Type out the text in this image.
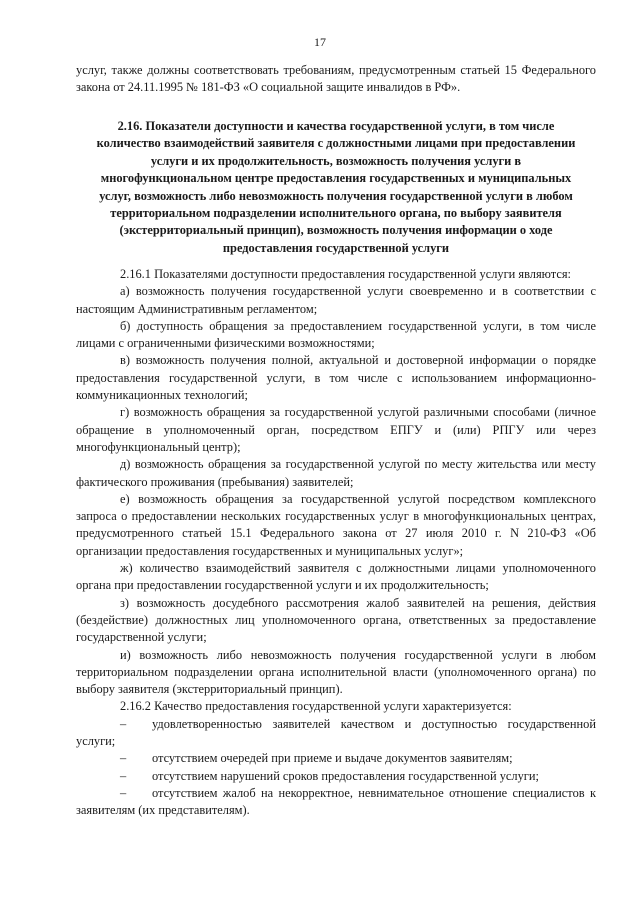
17

услуг, также должны соответствовать требованиям, предусмотренным статьей 15 Федерального закона от 24.11.1995 № 181-ФЗ «О социальной защите инвалидов в РФ».

2.16. Показатели доступности и качества государственной услуги, в том числе
количество взаимодействий заявителя с должностными лицами при предоставлении
услуги и их продолжительность, возможность получения услуги в
многофункциональном центре предоставления государственных и муниципальных
услуг, возможность либо невозможность получения государственной услуги в любом
территориальном подразделении исполнительного органа, по выбору заявителя
(экстерриториальный принцип), возможность получения информации о ходе
предоставления государственной услуги

2.16.1 Показателями доступности предоставления государственной услуги являются:

а) возможность получения государственной услуги своевременно и в соответствии с настоящим Административным регламентом;

б) доступность обращения за предоставлением государственной услуги, в том числе лицами с ограниченными физическими возможностями;

в) возможность получения полной, актуальной и достоверной информации о порядке предоставления государственной услуги, в том числе с использованием информационно-коммуникационных технологий;

г) возможность обращения за государственной услугой различными способами (личное обращение в уполномоченный орган, посредством ЕПГУ и (или) РПГУ или через многофункциональный центр);

д) возможность обращения за государственной услугой по месту жительства или месту фактического проживания (пребывания) заявителей;

е) возможность обращения за государственной услугой посредством комплексного запроса о предоставлении нескольких государственных услуг в многофункциональных центрах, предусмотренного статьей 15.1 Федерального закона от 27 июля 2010 г. N 210-ФЗ «Об организации предоставления государственных и муниципальных услуг»;

ж) количество взаимодействий заявителя с должностными лицами уполномоченного органа при предоставлении государственной услуги и их продолжительность;

з) возможность досудебного рассмотрения жалоб заявителей на решения, действия (бездействие) должностных лиц уполномоченного органа, ответственных за предоставление государственной услуги;

и) возможность либо невозможность получения государственной услуги в любом территориальном подразделении органа исполнительной власти (уполномоченного органа) по выбору заявителя (экстерриториальный принцип).

2.16.2 Качество предоставления государственной услуги характеризуется:

– удовлетворенностью заявителей качеством и доступностью государственной услуги;

– отсутствием очередей при приеме и выдаче документов заявителям;

– отсутствием нарушений сроков предоставления государственной услуги;

– отсутствием жалоб на некорректное, невнимательное отношение специалистов к заявителям (их представителям).
